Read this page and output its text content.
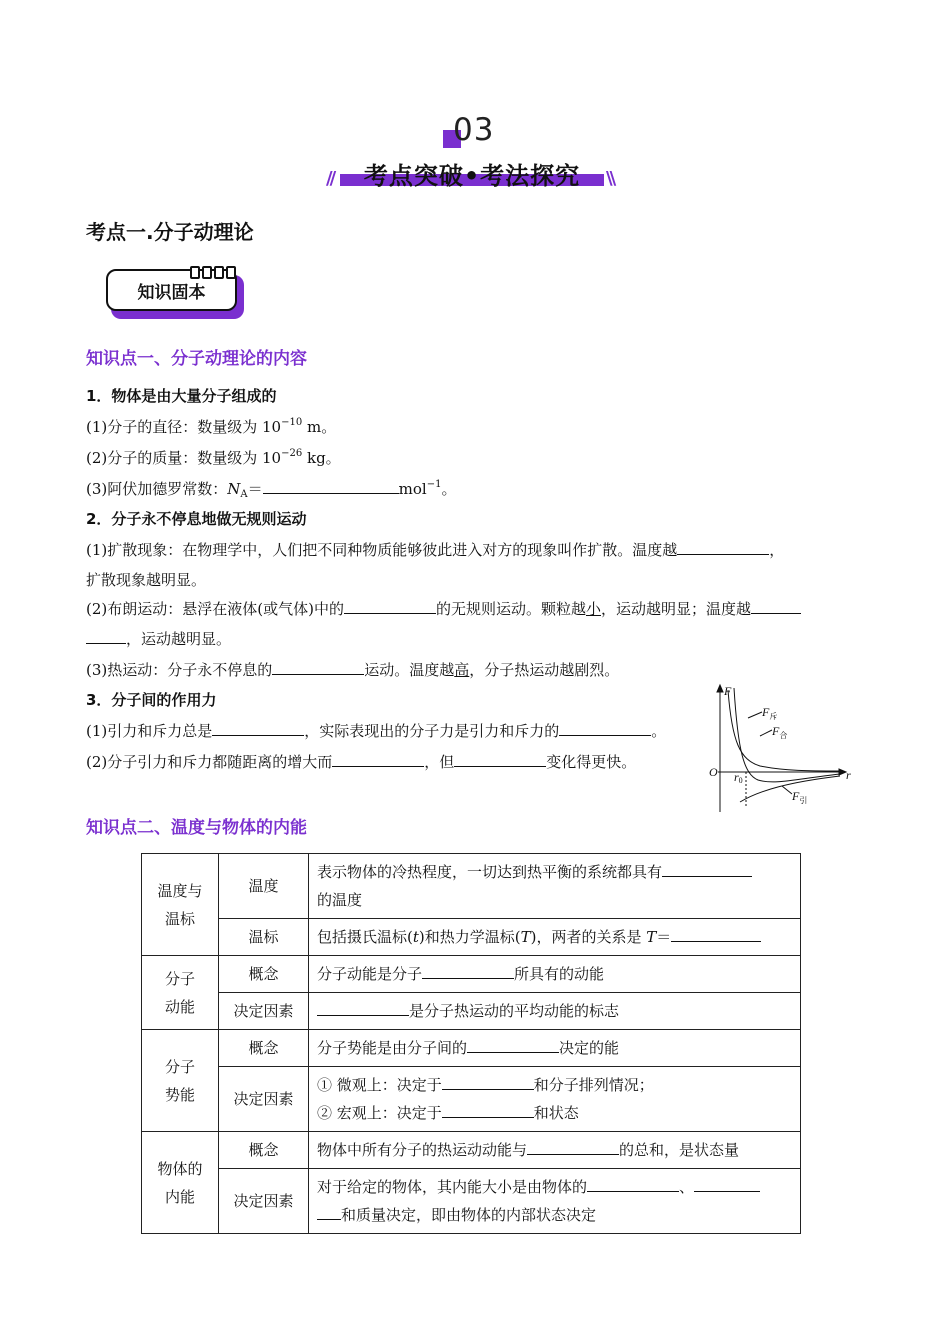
03
//	考点突破•考法探究	\\
考点一.分子动理论
知识固本
知识点一、分子动理论的内容
1．物体是由大量分子组成的
(1)分子的直径：数量级为 $10^{-10}$ m。
(2)分子的质量：数量级为 $10^{-26}$ kg。
(3)阿伏加德罗常数：$N_A=$	mol$^{-1}$。
2．分子永不停息地做无规则运动
(1)扩散现象：在物理学中，人们把不同种物质能够彼此进入对方的现象叫作扩散。温度越	，
扩散现象越明显。
(2)布朗运动：悬浮在液体(或气体)中的	的无规则运动。颗粒越小，运动越明显；温度越
，运动越明显。
(3)热运动：分子永不停息的	运动。温度越高，分子热运动越剧烈。
3．分子间的作用力
(1)引力和斥力总是	，实际表现出的分子力是引力和斥力的	。
(2)分子引力和斥力都随距离的增大而	，但	变化得更快。
F
$F_斥$
$F_合$
$F_引$
O	r
r0
知识点二、温度与物体的内能
温度与
温标	温度	表示物体的冷热程度，一切达到热平衡的系统都具有
的温度
	温标	包括摄氏温标(t)和热力学温标(T)，两者的关系是 T＝
分子
动能	概念	分子动能是分子 所具有的动能
	决定因素	是分子热运动的平均动能的标志
分子
势能	概念	分子势能是由分子间的 决定的能
	决定因素	① 微观上：决定于 和分子排列情况；
② 宏观上：决定于 和状态
物体的
内能	概念	物体中所有分子的热运动动能与 的总和，是状态量
	决定因素	对于给定的物体，其内能大小是由物体的 、
和质量决定，即由物体的内部状态决定
